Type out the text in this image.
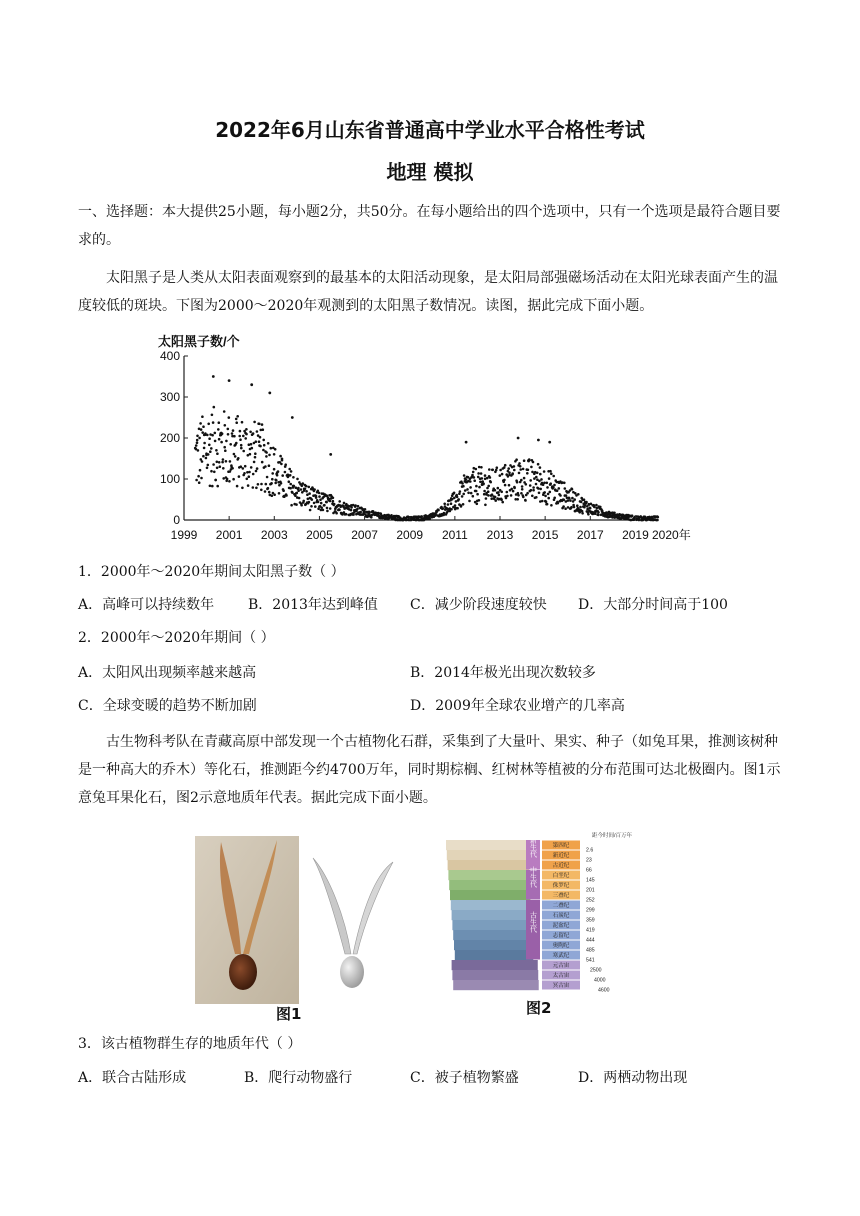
2022年6月山东省普通高中学业水平合格性考试
地理 模拟

一、选择题：本大提供25小题，每小题2分，共50分。在每小题给出的四个选项中，只有一个选项是最符合题目要求的。

太阳黑子是人类从太阳表面观察到的最基本的太阳活动现象，是太阳局部强磁场活动在太阳光球表面产生的温度较低的斑块。下图为2000～2020年观测到的太阳黑子数情况。读图，据此完成下面小题。

太阳黑子数/个
0
100
200
300
400
1999 2001 2003 2005 2007 2009 2011 2013 2015 2017 2019 2020年
1．2000年～2020年期间太阳黑子数（ ）
A．高峰可以持续数年 B．2013年达到峰值 C．减少阶段速度较快 D．大部分时间高于100
2．2000年～2020年期间（ ）
A．太阳风出现频率越来越高	B．2014年极光出现次数较多
C．全球变暖的趋势不断加剧	D．2009年全球农业增产的几率高

古生物科考队在青藏高原中部发现一个古植物化石群，采集到了大量叶、果实、种子（如兔耳果，推测该树种是一种高大的乔木）等化石，推测距今约4700万年，同时期棕榈、红树林等植被的分布范围可达北极圈内。图1示意兔耳果化石，图2示意地质年代表。据此完成下面小题。

图1
距今时间/百万年
第四纪
2.6
新近纪
23
古近纪
66
白垩纪
145
侏罗纪
201
三叠纪
252
二叠纪
299
石炭纪
359
泥盆纪
419
志留纪
444
奥陶纪
485
寒武纪
541
元古宙
2500
太古宙
4000
冥古宙
4600
新生代
中生代
古生代
图2
3．该古植物群生存的地质年代（ ）
A．联合古陆形成	B．爬行动物盛行	C．被子植物繁盛	D．两栖动物出现
